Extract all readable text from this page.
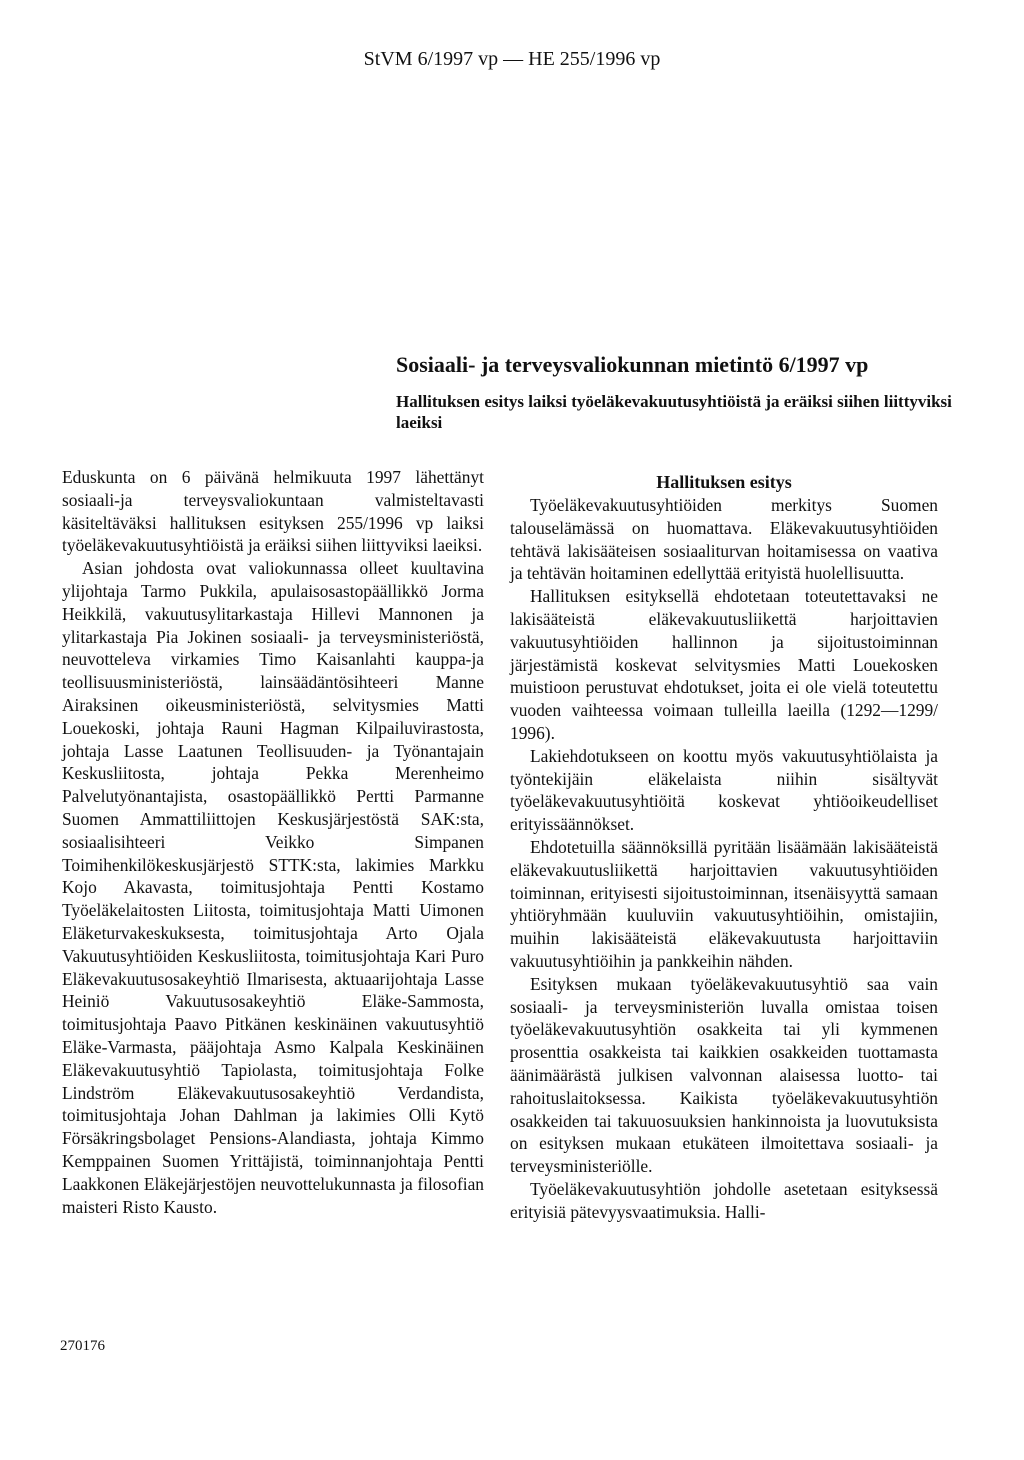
StVM 6/1997 vp — HE 255/1996 vp
Sosiaali- ja terveysvaliokunnan mietintö 6/1997 vp
Hallituksen esitys laiksi työeläkevakuutusyhtiöistä ja eräiksi siihen liittyviksi laeiksi

Eduskunta on 6 päivänä helmikuuta 1997 lähettänyt sosiaali-ja terveysvaliokuntaan valmisteltavasti käsiteltäväksi hallituksen esityksen 255/1996 vp laiksi työeläkevakuutusyhtiöistä ja eräiksi siihen liittyviksi laeiksi.

Asian johdosta ovat valiokunnassa olleet kuultavina ylijohtaja Tarmo Pukkila, apulaisosastopäällikkö Jorma Heikkilä, vakuutusylitarkastaja Hillevi Mannonen ja ylitarkastaja Pia Jokinen sosiaali- ja terveysministeriöstä, neuvotteleva virkamies Timo Kaisanlahti kauppa-ja teollisuusministeriöstä, lainsäädäntösihteeri Manne Airaksinen oikeusministeriöstä, selvitysmies Matti Louekoski, johtaja Rauni Hagman Kilpailuvirastosta, johtaja Lasse Laatunen Teollisuuden- ja Työnantajain Keskusliitosta, johtaja Pekka Merenheimo Palvelutyönantajista, osastopäällikkö Pertti Parmanne Suomen Ammattiliittojen Keskusjärjestöstä SAK:sta, sosiaalisihteeri Veikko Simpanen Toimihenkilökeskusjärjestö STTK:sta, lakimies Markku Kojo Akavasta, toimitusjohtaja Pentti Kostamo Työeläkelaitosten Liitosta, toimitusjohtaja Matti Uimonen Eläketurvakeskuksesta, toimitusjohtaja Arto Ojala Vakuutusyhtiöiden Keskusliitosta, toimitusjohtaja Kari Puro Eläkevakuutusosakeyhtiö Ilmarisesta, aktuaarijohtaja Lasse Heiniö Vakuutusosakeyhtiö Eläke-Sammosta, toimitusjohtaja Paavo Pitkänen keskinäinen vakuutusyhtiö Eläke-Varmasta, pääjohtaja Asmo Kalpala Keskinäinen Eläkevakuutusyhtiö Tapiolasta, toimitusjohtaja Folke Lindström Eläkevakuutusosakeyhtiö Verdandista, toimitusjohtaja Johan Dahlman ja lakimies Olli Kytö Försäkringsbolaget Pensions-Alandiasta, johtaja Kimmo Kemppainen Suomen Yrittäjistä, toiminnanjohtaja Pentti Laakkonen Eläkejärjestöjen neuvottelukunnasta ja filosofian maisteri Risto Kausto.

Hallituksen esitys

Työeläkevakuutusyhtiöiden merkitys Suomen talouselämässä on huomattava. Eläkevakuutusyhtiöiden tehtävä lakisääteisen sosiaaliturvan hoitamisessa on vaativa ja tehtävän hoitaminen edellyttää erityistä huolellisuutta.

Hallituksen esityksellä ehdotetaan toteutettavaksi ne lakisääteistä eläkevakuutusliikettä harjoittavien vakuutusyhtiöiden hallinnon ja sijoitustoiminnan järjestämistä koskevat selvitysmies Matti Louekosken muistioon perustuvat ehdotukset, joita ei ole vielä toteutettu vuoden vaihteessa voimaan tulleilla laeilla (1292—1299/ 1996).

Lakiehdotukseen on koottu myös vakuutusyhtiölaista ja työntekijäin eläkelaista niihin sisältyvät työeläkevakuutusyhtiöitä koskevat yhtiöoikeudelliset erityissäännökset.

Ehdotetuilla säännöksillä pyritään lisäämään lakisääteistä eläkevakuutusliikettä harjoittavien vakuutusyhtiöiden toiminnan, erityisesti sijoitustoiminnan, itsenäisyyttä samaan yhtiöryhmään kuuluviin vakuutusyhtiöihin, omistajiin, muihin lakisääteistä eläkevakuutusta harjoittaviin vakuutusyhtiöihin ja pankkeihin nähden.

Esityksen mukaan työeläkevakuutusyhtiö saa vain sosiaali- ja terveysministeriön luvalla omistaa toisen työeläkevakuutusyhtiön osakkeita tai yli kymmenen prosenttia osakkeista tai kaikkien osakkeiden tuottamasta äänimäärästä julkisen valvonnan alaisessa luotto- tai rahoituslaitoksessa. Kaikista työeläkevakuutusyhtiön osakkeiden tai takuuosuuksien hankinnoista ja luovutuksista on esityksen mukaan etukäteen ilmoitettava sosiaali- ja terveysministeriölle.

Työeläkevakuutusyhtiön johdolle asetetaan esityksessä erityisiä pätevyysvaatimuksia. Halli-

270176
